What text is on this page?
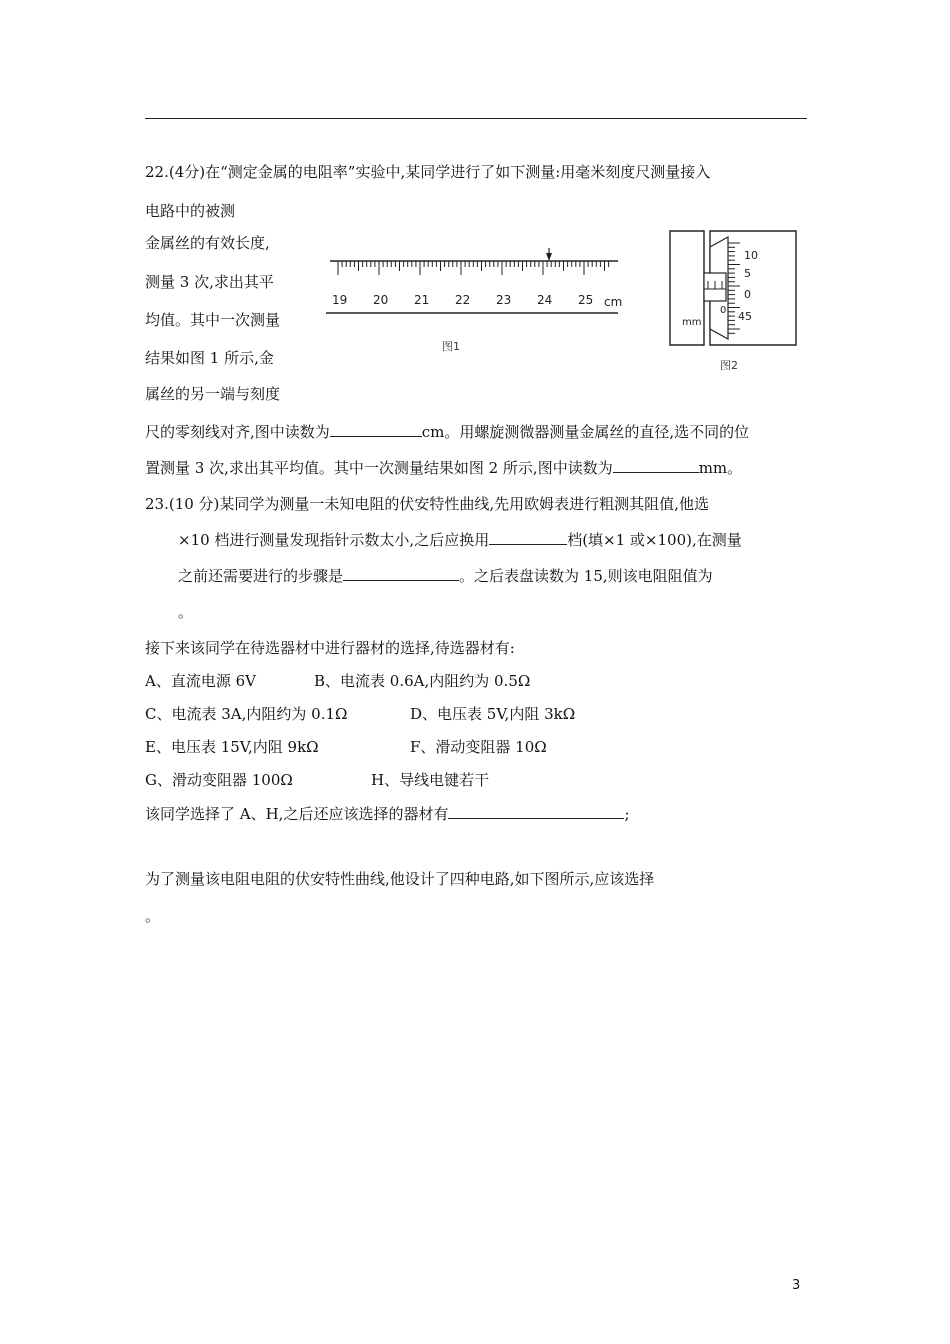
22.(4分)在“测定金属的电阻率”实验中,某同学进行了如下测量:用毫米刻度尺测量接入
电路中的被测
金属丝的有效长度,
测量 3 次,求出其平
均值。其中一次测量
结果如图 1 所示,金
属丝的另一端与刻度
尺的零刻线对齐,图中读数为	cm。用螺旋测微器测量金属丝的直径,选不同的位
置测量 3 次,求出其平均值。其中一次测量结果如图 2 所示,图中读数为	mm。
19 20 21 22 23 24 25 cm
图1
0
mm
10
5
0
45
图2
23.(10 分)某同学为测量一未知电阻的伏安特性曲线,先用欧姆表进行粗测其阻值,他选
×10 档进行测量发现指针示数太小,之后应换用	档(填×1 或×100),在测量
之前还需要进行的步骤是	。之后表盘读数为 15,则该电阻阻值为
。
接下来该同学在待选器材中进行器材的选择,待选器材有:
A、直流电源 6V	B、电流表 0.6A,内阻约为 0.5Ω
C、电流表 3A,内阻约为 0.1Ω	D、电压表 5V,内阻 3kΩ
E、电压表 15V,内阻 9kΩ	F、滑动变阻器 10Ω
G、滑动变阻器 100Ω	H、导线电键若干
该同学选择了 A、H,之后还应该选择的器材有	;
为了测量该电阻电阻的伏安特性曲线,他设计了四种电路,如下图所示,应该选择
。
3
